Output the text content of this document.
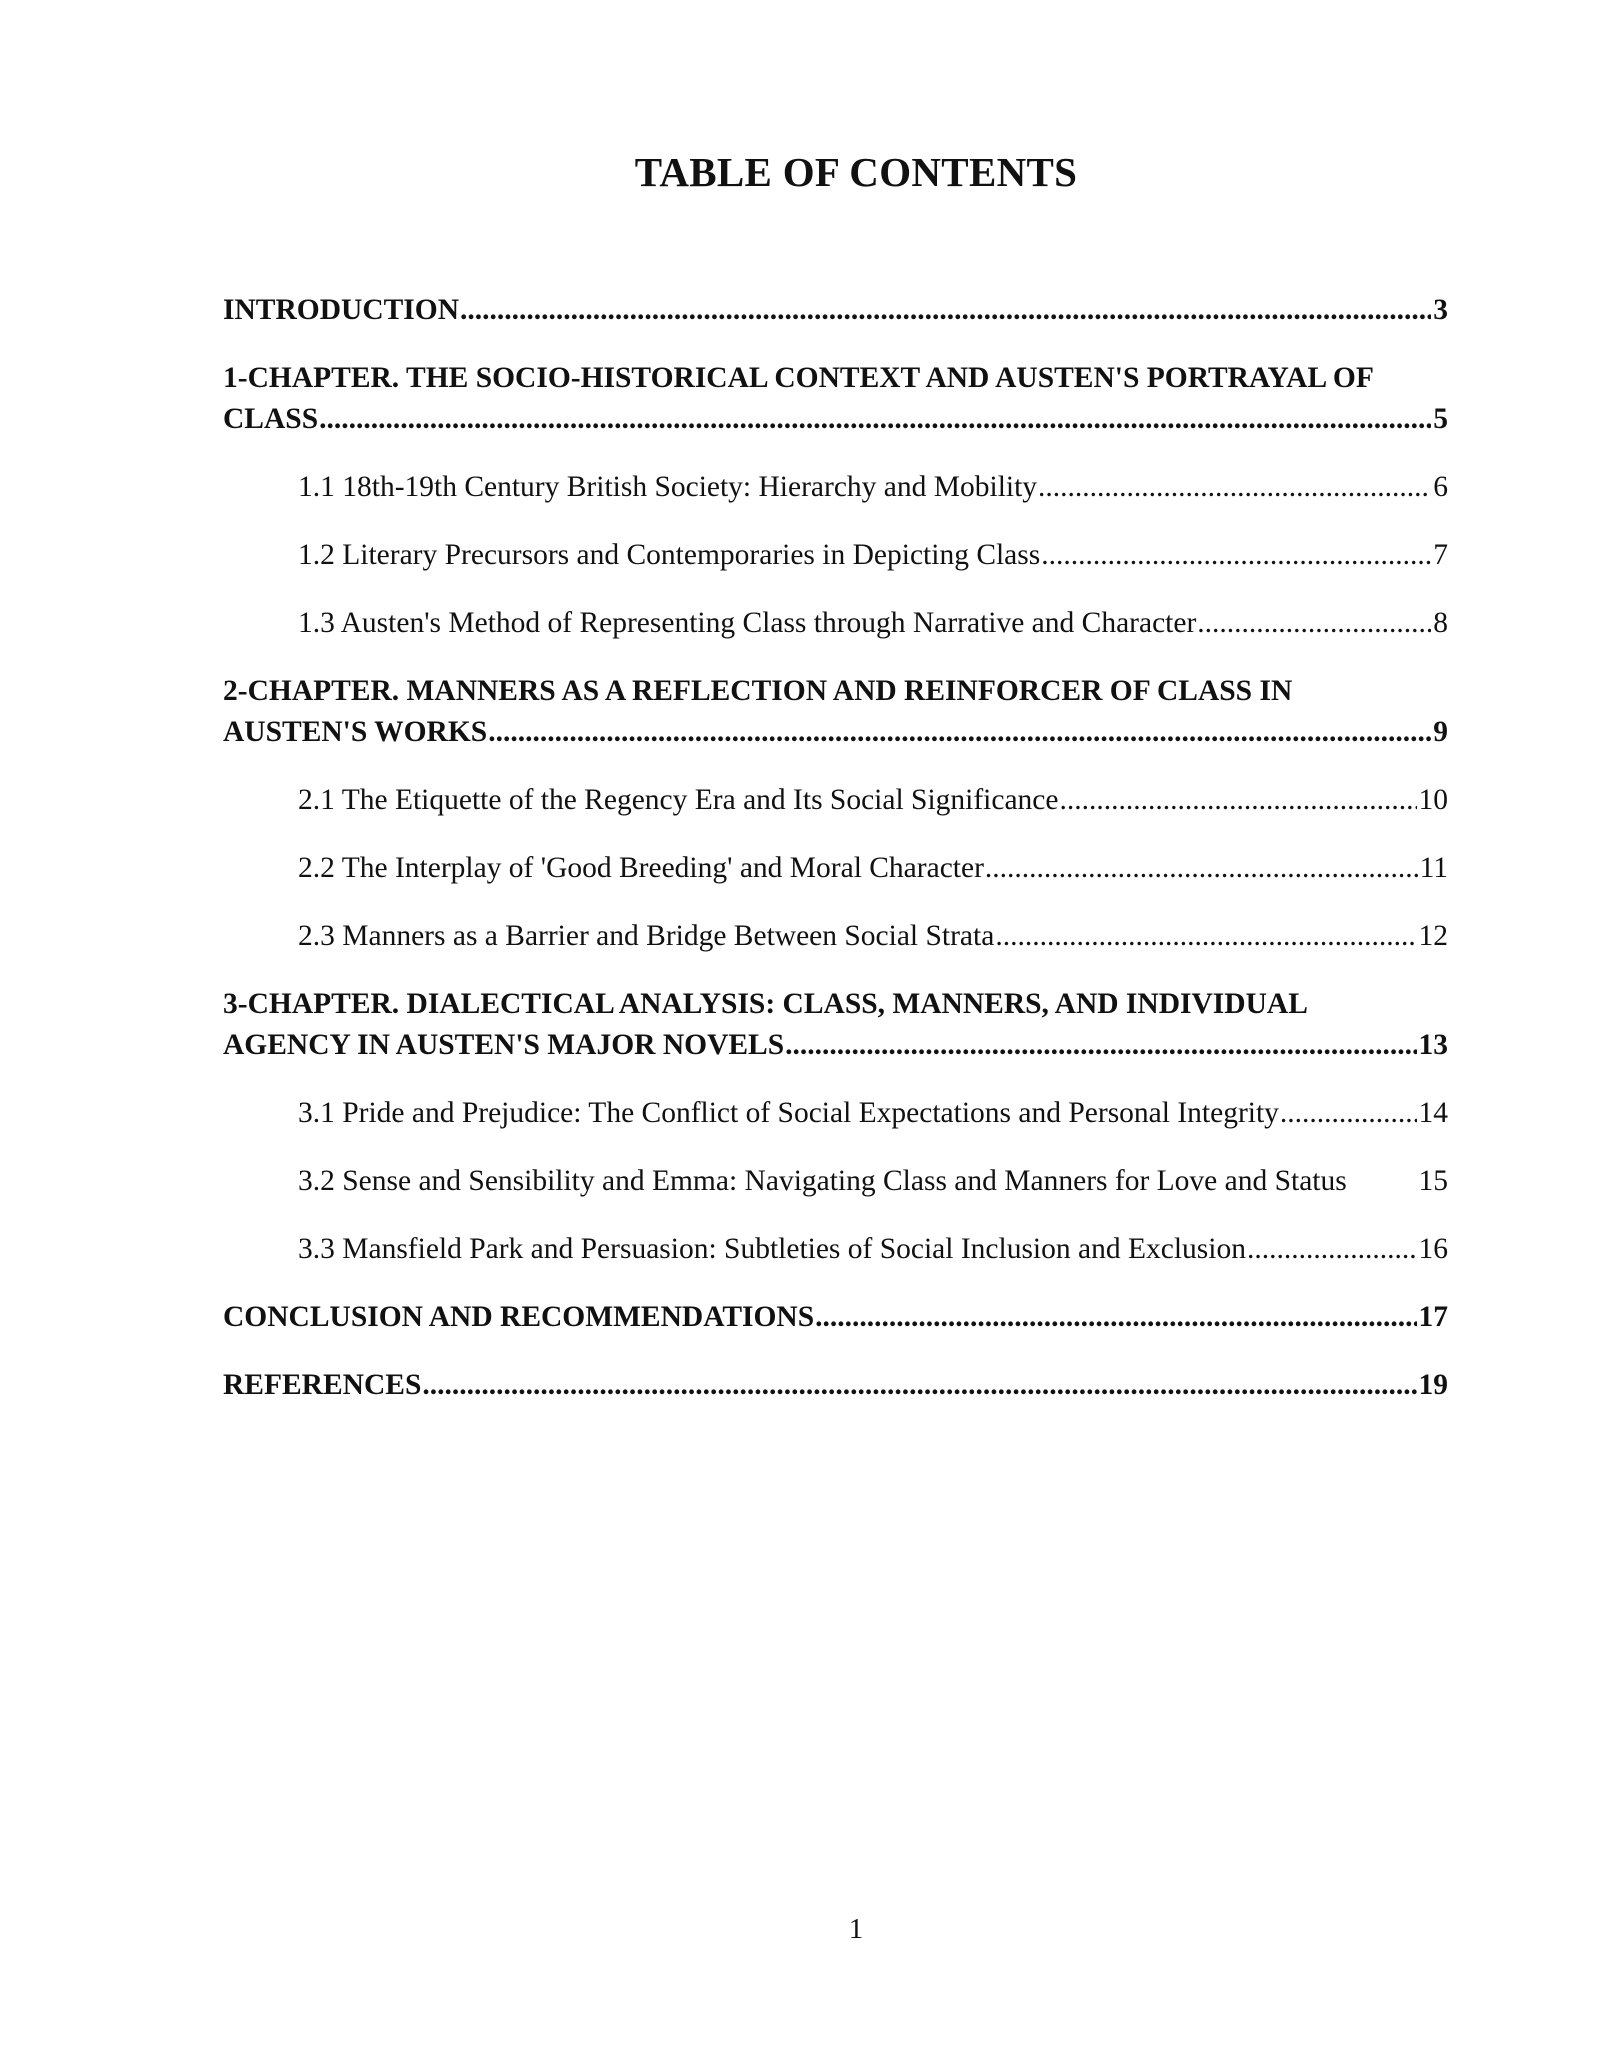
TABLE OF CONTENTS
INTRODUCTION .....	3
1-CHAPTER. THE SOCIO-HISTORICAL CONTEXT AND AUSTEN'S PORTRAYAL OF
CLASS .....	5
1.1 18th-19th Century British Society: Hierarchy and Mobility .....	6
1.2 Literary Precursors and Contemporaries in Depicting Class .....	7
1.3 Austen's Method of Representing Class through Narrative and Character .....	8
2-CHAPTER. MANNERS AS A REFLECTION AND REINFORCER OF CLASS IN
AUSTEN'S WORKS .....	9
2.1 The Etiquette of the Regency Era and Its Social Significance .....	10
2.2 The Interplay of 'Good Breeding' and Moral Character .....	11
2.3 Manners as a Barrier and Bridge Between Social Strata .....	12
3-CHAPTER. DIALECTICAL ANALYSIS: CLASS, MANNERS, AND INDIVIDUAL
AGENCY IN AUSTEN'S MAJOR NOVELS .....	13
3.1 Pride and Prejudice: The Conflict of Social Expectations and Personal Integrity .....	14
3.2 Sense and Sensibility and Emma: Navigating Class and Manners for Love and Status 15
3.3 Mansfield Park and Persuasion: Subtleties of Social Inclusion and Exclusion .....	16
CONCLUSION AND RECOMMENDATIONS .....	17
REFERENCES .....	19
1
